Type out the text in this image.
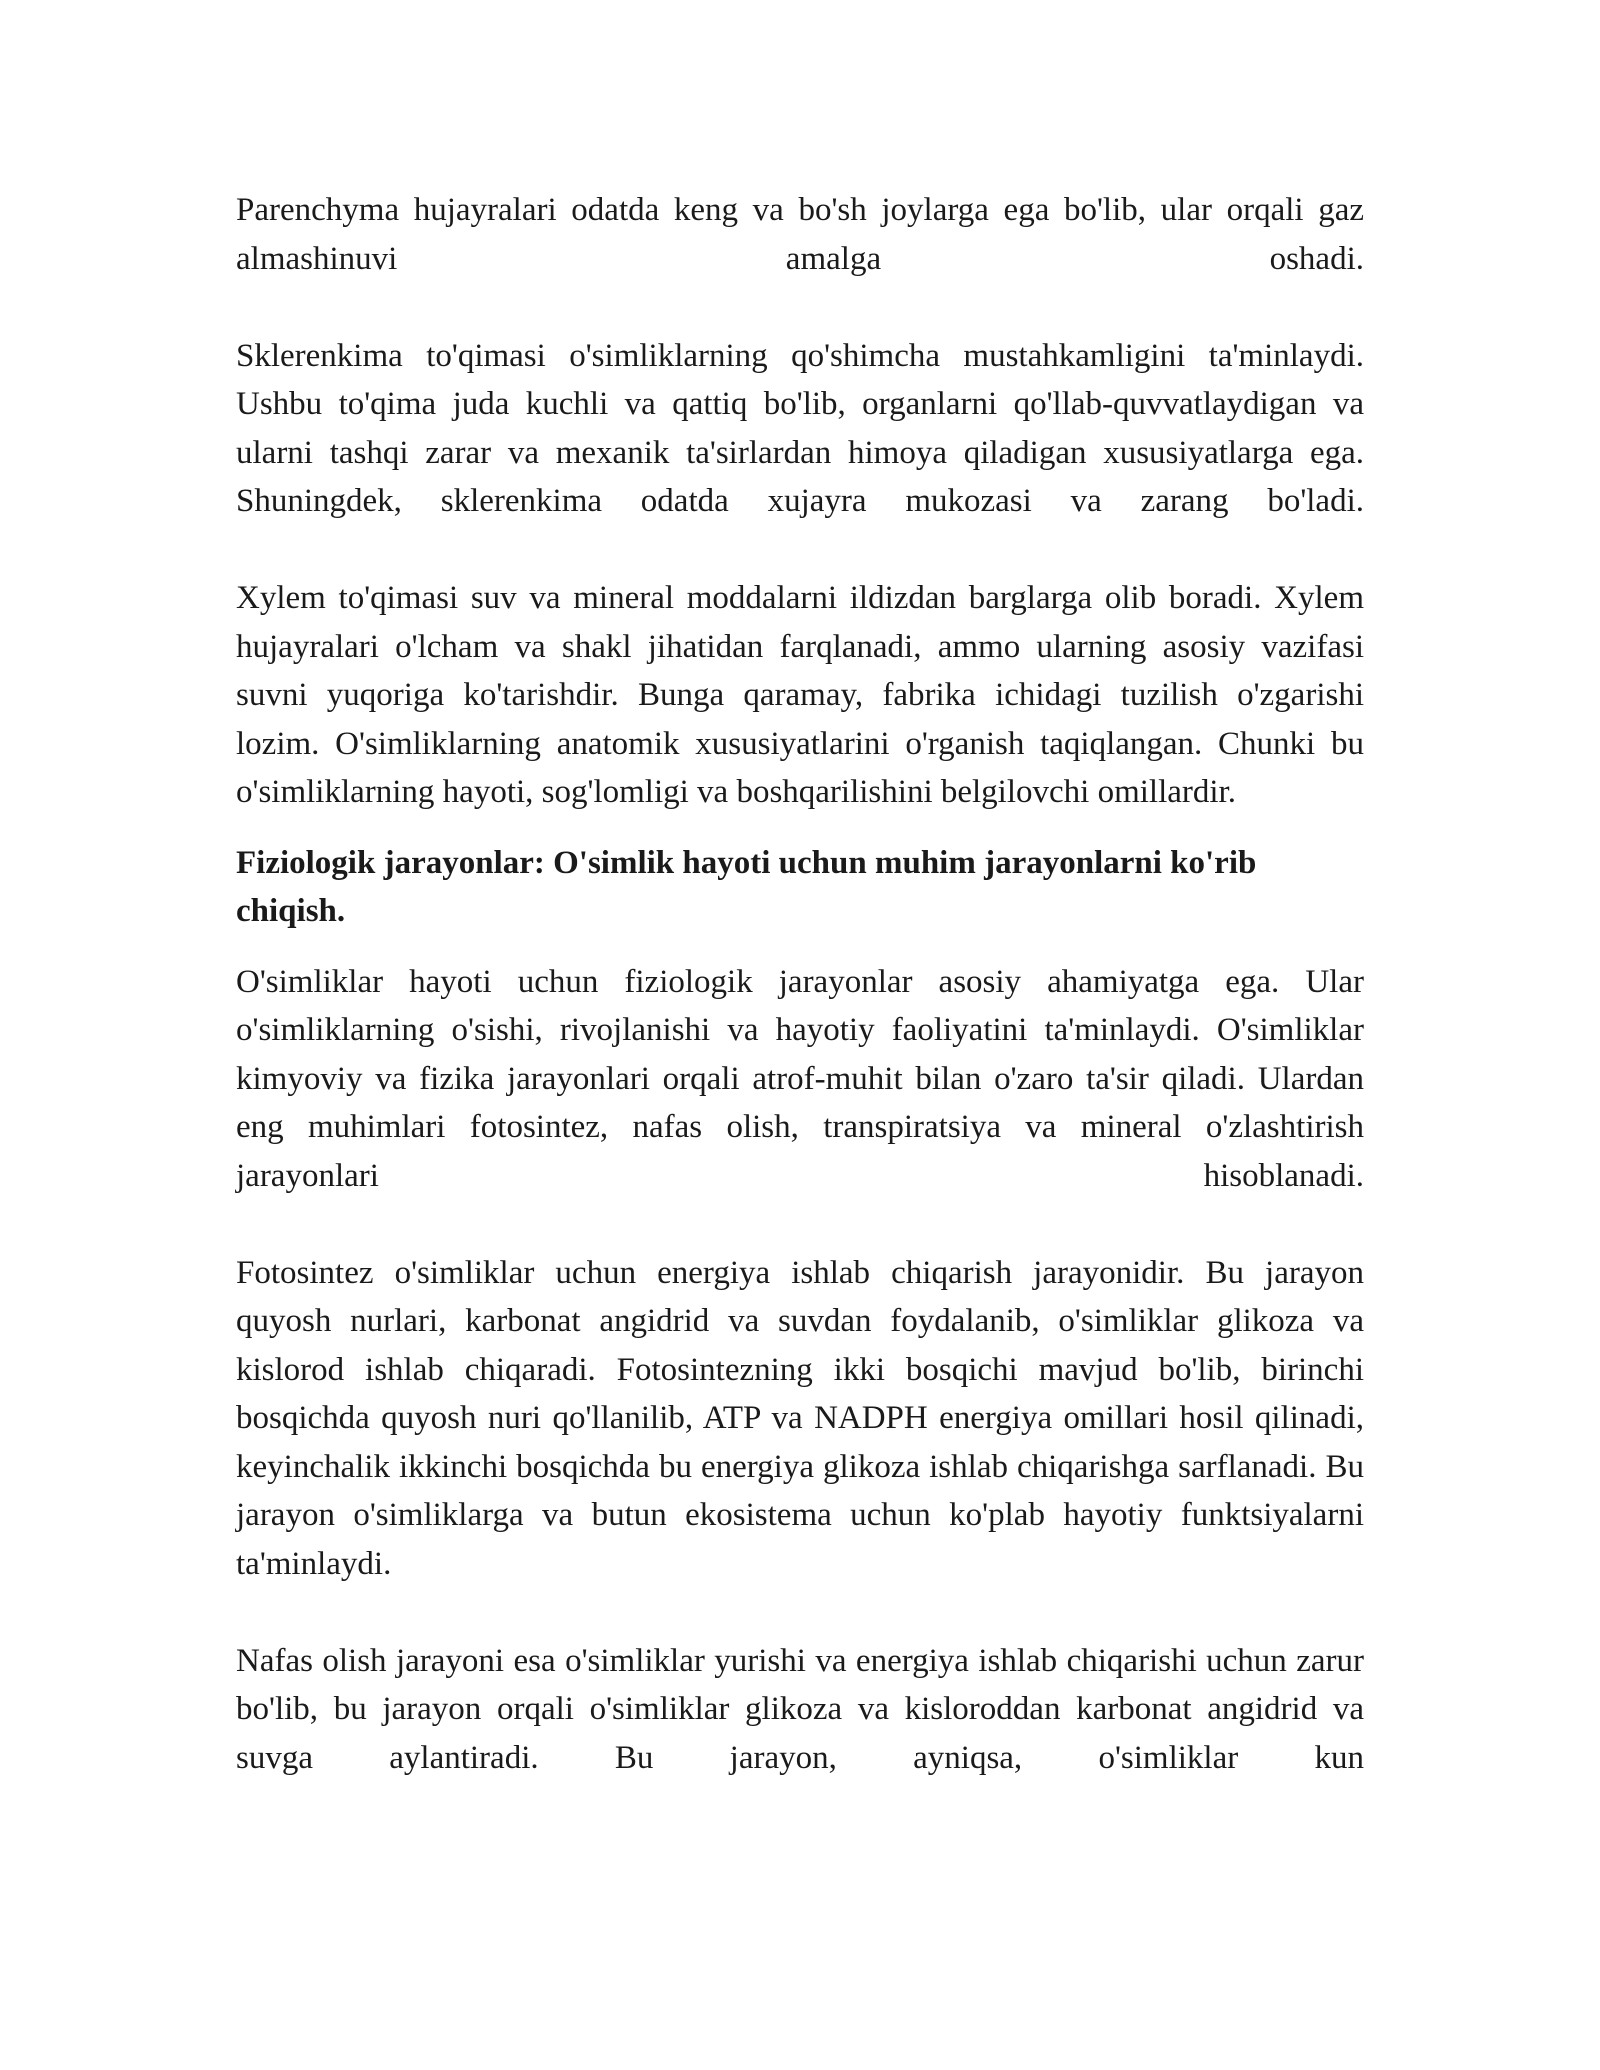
Parenchyma hujayralari odatda keng va bo'sh joylarga ega bo'lib, ular orqali gaz almashinuvi amalga oshadi.

Sklerenkima to'qimasi o'simliklarning qo'shimcha mustahkamligini ta'minlaydi. Ushbu to'qima juda kuchli va qattiq bo'lib, organlarni qo'llab-quvvatlaydigan va ularni tashqi zarar va mexanik ta'sirlardan himoya qiladigan xususiyatlarga ega. Shuningdek, sklerenkima odatda xujayra mukozasi va zarang bo'ladi.

Xylem to'qimasi suv va mineral moddalarni ildizdan barglarga olib boradi. Xylem hujayralari o'lcham va shakl jihatidan farqlanadi, ammo ularning asosiy vazifasi suvni yuqoriga ko'tarishdir. Bunga qaramay, fabrika ichidagi tuzilish o'zgarishi lozim. O'simliklarning anatomik xususiyatlarini o'rganish taqiqlangan. Chunki bu o'simliklarning hayoti, sog'lomligi va boshqarilishini belgilovchi omillardir.

Fiziologik jarayonlar: O'simlik hayoti uchun muhim jarayonlarni ko'rib chiqish.

O'simliklar hayoti uchun fiziologik jarayonlar asosiy ahamiyatga ega. Ular o'simliklarning o'sishi, rivojlanishi va hayotiy faoliyatini ta'minlaydi. O'simliklar kimyoviy va fizika jarayonlari orqali atrof-muhit bilan o'zaro ta'sir qiladi. Ulardan eng muhimlari fotosintez, nafas olish, transpiratsiya va mineral o'zlashtirish jarayonlari hisoblanadi.

Fotosintez o'simliklar uchun energiya ishlab chiqarish jarayonidir. Bu jarayon quyosh nurlari, karbonat angidrid va suvdan foydalanib, o'simliklar glikoza va kislorod ishlab chiqaradi. Fotosintezning ikki bosqichi mavjud bo'lib, birinchi bosqichda quyosh nuri qo'llanilib, ATP va NADPH energiya omillari hosil qilinadi, keyinchalik ikkinchi bosqichda bu energiya glikoza ishlab chiqarishga sarflanadi. Bu jarayon o'simliklarga va butun ekosistema uchun ko'plab hayotiy funktsiyalarni ta'minlaydi.

Nafas olish jarayoni esa o'simliklar yurishi va energiya ishlab chiqarishi uchun zarur bo'lib, bu jarayon orqali o'simliklar glikoza va kisloroddan karbonat angidrid va suvga aylantiradi. Bu jarayon, ayniqsa, o'simliklar kun
